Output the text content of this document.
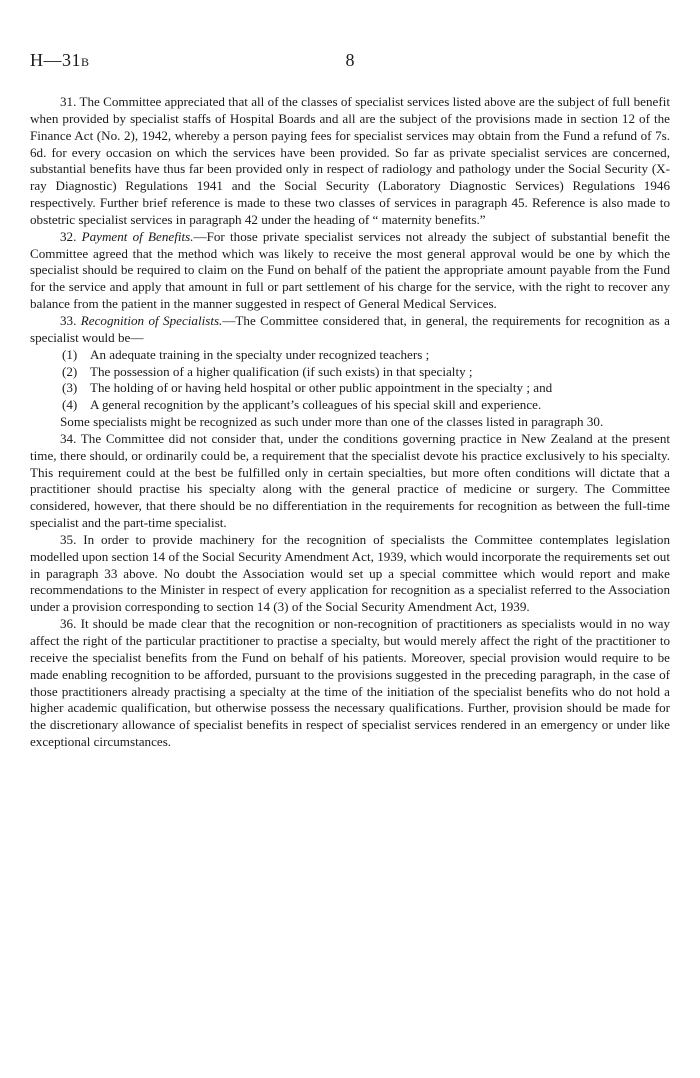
H—31B	8

31. The Committee appreciated that all of the classes of specialist services listed above are the subject of full benefit when provided by specialist staffs of Hospital Boards and all are the subject of the provisions made in section 12 of the Finance Act (No. 2), 1942, whereby a person paying fees for specialist services may obtain from the Fund a refund of 7s. 6d. for every occasion on which the services have been provided. So far as private specialist services are concerned, substantial benefits have thus far been provided only in respect of radiology and pathology under the Social Security (X-ray Diagnostic) Regulations 1941 and the Social Security (Laboratory Diagnostic Services) Regulations 1946 respectively. Further brief reference is made to these two classes of services in paragraph 45. Reference is also made to obstetric specialist services in paragraph 42 under the heading of “ maternity benefits.”

32. Payment of Benefits.—For those private specialist services not already the subject of substantial benefit the Committee agreed that the method which was likely to receive the most general approval would be one by which the specialist should be required to claim on the Fund on behalf of the patient the appropriate amount payable from the Fund for the service and apply that amount in full or part settlement of his charge for the service, with the right to recover any balance from the patient in the manner suggested in respect of General Medical Services.

33. Recognition of Specialists.—The Committee considered that, in general, the requirements for recognition as a specialist would be—

(1) An adequate training in the specialty under recognized teachers ;
(2) The possession of a higher qualification (if such exists) in that specialty ;
(3) The holding of or having held hospital or other public appointment in the specialty ; and
(4) A general recognition by the applicant’s colleagues of his special skill and experience.

Some specialists might be recognized as such under more than one of the classes listed in paragraph 30.

34. The Committee did not consider that, under the conditions governing practice in New Zealand at the present time, there should, or ordinarily could be, a requirement that the specialist devote his practice exclusively to his specialty. This requirement could at the best be fulfilled only in certain specialties, but more often conditions will dictate that a practitioner should practise his specialty along with the general practice of medicine or surgery. The Committee considered, however, that there should be no differentiation in the requirements for recognition as between the full-time specialist and the part-time specialist.

35. In order to provide machinery for the recognition of specialists the Committee contemplates legislation modelled upon section 14 of the Social Security Amendment Act, 1939, which would incorporate the requirements set out in paragraph 33 above. No doubt the Association would set up a special committee which would report and make recommendations to the Minister in respect of every application for recognition as a specialist referred to the Association under a provision corresponding to section 14 (3) of the Social Security Amendment Act, 1939.

36. It should be made clear that the recognition or non-recognition of practitioners as specialists would in no way affect the right of the particular practitioner to practise a specialty, but would merely affect the right of the practitioner to receive the specialist benefits from the Fund on behalf of his patients. Moreover, special provision would require to be made enabling recognition to be afforded, pursuant to the provisions suggested in the preceding paragraph, in the case of those practitioners already practising a specialty at the time of the initiation of the specialist benefits who do not hold a higher academic qualification, but otherwise possess the necessary qualifications. Further, provision should be made for the discretionary allowance of specialist benefits in respect of specialist services rendered in an emergency or under like exceptional circumstances.
